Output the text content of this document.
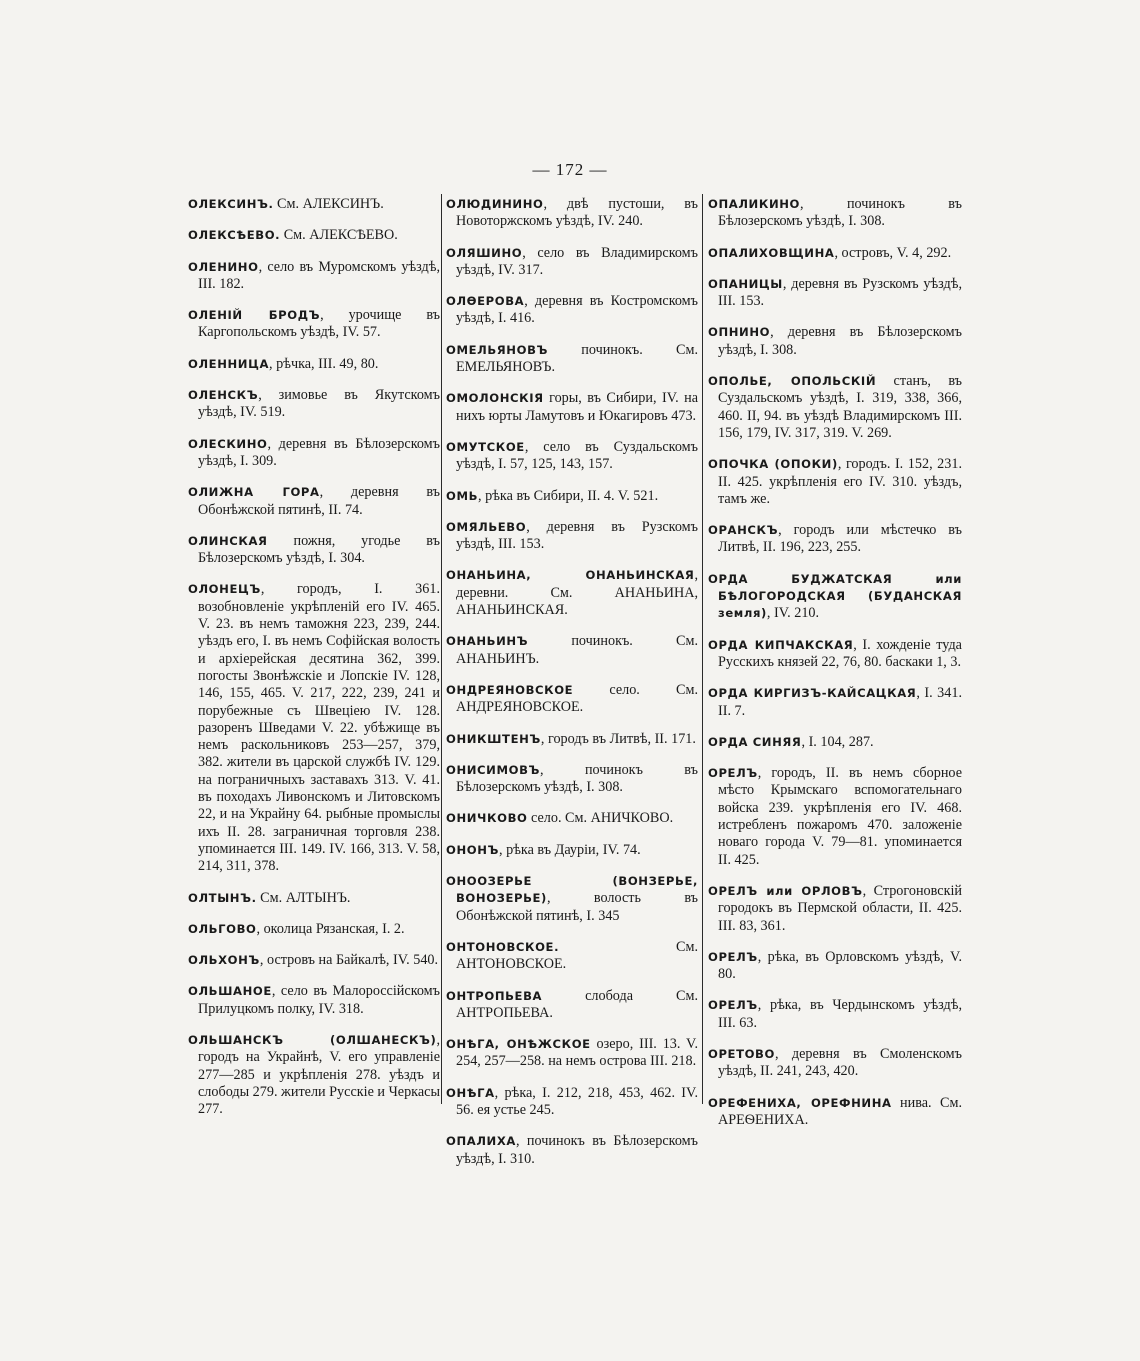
— 172 —

ОЛЕКСИНЪ. См. АЛЕКСИНЪ.

ОЛЕКСѢЕВО. См. АЛЕКСѢЕВО.

ОЛЕНИНО, село въ Муромскомъ уѣздѣ, III. 182.

ОЛЕНІЙ БРОДЪ, урочище въ Каргопольскомъ уѣздѣ, IV. 57.

ОЛЕННИЦА, рѣчка, III. 49, 80.

ОЛЕНСКЪ, зимовье въ Якутскомъ уѣздѣ, IV. 519.

ОЛЕСКИНО, деревня въ Бѣлозерскомъ уѣздѣ, I. 309.

ОЛИЖНА ГОРА, деревня въ Обонѣжской пятинѣ, II. 74.

ОЛИНСКАЯ пожня, угодье въ Бѣлозерскомъ уѣздѣ, I. 304.

ОЛОНЕЦЪ, городъ, I. 361. возобновленіе укрѣпленій его IV. 465. V. 23. въ немъ таможня 223, 239, 244. уѣздъ его, I. въ немъ Софійская волость и архіерейская десятина 362, 399. погосты Звонѣжскіе и Лопскіе IV. 128, 146, 155, 465. V. 217, 222, 239, 241 и порубежные съ Швеціею IV. 128. разоренъ Шведами V. 22. убѣжище въ немъ раскольниковъ 253—257, 379, 382. жители въ царской службѣ IV. 129. на пограничныхъ заставахъ 313. V. 41. въ походахъ Ливонскомъ и Литовскомъ 22, и на Украйну 64. рыбные промыслы ихъ II. 28. заграничная торговля 238. упоминается III. 149. IV. 166, 313. V. 58, 214, 311, 378.

ОЛТЫНЪ. См. АЛТЫНЪ.

ОЛЬГОВО, околица Рязанская, I. 2.

ОЛЬХОНЪ, островъ на Байкалѣ, IV. 540.

ОЛЬШАНОЕ, село въ Малороссійскомъ Прилуцкомъ полку, IV. 318.

ОЛЬШАНСКЪ (ОЛШАНЕСКЪ), городъ на Украйнѣ, V. его управленіе 277—285 и укрѣпленія 278. уѣздъ и слободы 279. жители Русскіе и Черкасы 277.

ОЛЮДИНИНО, двѣ пустоши, въ Новоторжскомъ уѣздѣ, IV. 240.

ОЛЯШИНО, село въ Владимирскомъ уѣздѣ, IV. 317.

ОЛѲЕРОВА, деревня въ Костромскомъ уѣздѣ, I. 416.

ОМЕЛЬЯНОВЪ починокъ. См. ЕМЕЛЬЯНОВЪ.

ОМОЛОНСКІЯ горы, въ Сибири, IV. на нихъ юрты Ламутовъ и Юкагировъ 473.

ОМУТСКОЕ, село въ Суздальскомъ уѣздѣ, I. 57, 125, 143, 157.

ОМЬ, рѣка въ Сибири, II. 4. V. 521.

ОМЯЛЬЕВО, деревня въ Рузскомъ уѣздѣ, III. 153.

ОНАНЬИНА, ОНАНЬИНСКАЯ, деревни. См. АНАНЬИНА, АНАНЬИНСКАЯ.

ОНАНЬИНЪ починокъ. См. АНАНЬИНЪ.

ОНДРЕЯНОВСКОЕ село. См. АНДРЕЯНОВСКОЕ.

ОНИКШТЕНЪ, городъ въ Литвѣ, II. 171.

ОНИСИМОВЪ, починокъ въ Бѣлозерскомъ уѣздѣ, I. 308.

ОНИЧКОВО село. См. АНИЧКОВО.

ОНОНЪ, рѣка въ Дауріи, IV. 74.

ОНООЗЕРЬЕ (ВОНЗЕРЬЕ, ВОНОЗЕРЬЕ), волость въ Обонѣжской пятинѣ, I. 345

ОНТОНОВСКОЕ. См. АНТОНОВСКОЕ.

ОНТРОПЬЕВА слобода См. АНТРОПЬЕВА.

ОНѢГА, ОНѢЖСКОЕ озеро, III. 13. V. 254, 257—258. на немъ острова III. 218.

ОНѢГА, рѣка, I. 212, 218, 453, 462. IV. 56. ея устье 245.

ОПАЛИХА, починокъ въ Бѣлозерскомъ уѣздѣ, I. 310.

ОПАЛИКИНО, починокъ въ Бѣлозерскомъ уѣздѣ, I. 308.

ОПАЛИХОВЩИНА, островъ, V. 4, 292.

ОПАНИЦЫ, деревня въ Рузскомъ уѣздѣ, III. 153.

ОПНИНО, деревня въ Бѣлозерскомъ уѣздѣ, I. 308.

ОПОЛЬЕ, ОПОЛЬСКІЙ станъ, въ Суздальскомъ уѣздѣ, I. 319, 338, 366, 460. II, 94. въ уѣздѣ Владимирскомъ III. 156, 179, IV. 317, 319. V. 269.

ОПОЧКА (ОПОКИ), городъ. I. 152, 231. II. 425. укрѣпленія его IV. 310. уѣздъ, тамъ же.

ОРАНСКЪ, городъ или мѣстечко въ Литвѣ, II. 196, 223, 255.

ОРДА БУДЖАТСКАЯ или БѢЛОГОРОДСКАЯ (БУДАНСКАЯ земля), IV. 210.

ОРДА КИПЧАКСКАЯ, I. хожденіе туда Русскихъ князей 22, 76, 80. баскаки 1, 3.

ОРДА КИРГИЗЪ-КАЙСАЦКАЯ, I. 341. II. 7.

ОРДА СИНЯЯ, I. 104, 287.

ОРЕЛЪ, городъ, II. въ немъ сборное мѣсто Крымскаго вспомогательнаго войска 239. укрѣпленія его IV. 468. истребленъ пожаромъ 470. заложеніе новаго города V. 79—81. упоминается II. 425.

ОРЕЛЪ или ОРЛОВЪ, Строгоновскій городокъ въ Пермской области, II. 425. III. 83, 361.

ОРЕЛЪ, рѣка, въ Орловскомъ уѣздѣ, V. 80.

ОРЕЛЪ, рѣка, въ Чердынскомъ уѣздѣ, III. 63.

ОРЕТОВО, деревня въ Смоленскомъ уѣздѣ, II. 241, 243, 420.

ОРЕФЕНИХА, ОРЕФНИНА нива. См. АРЕѲЕНИХА.
